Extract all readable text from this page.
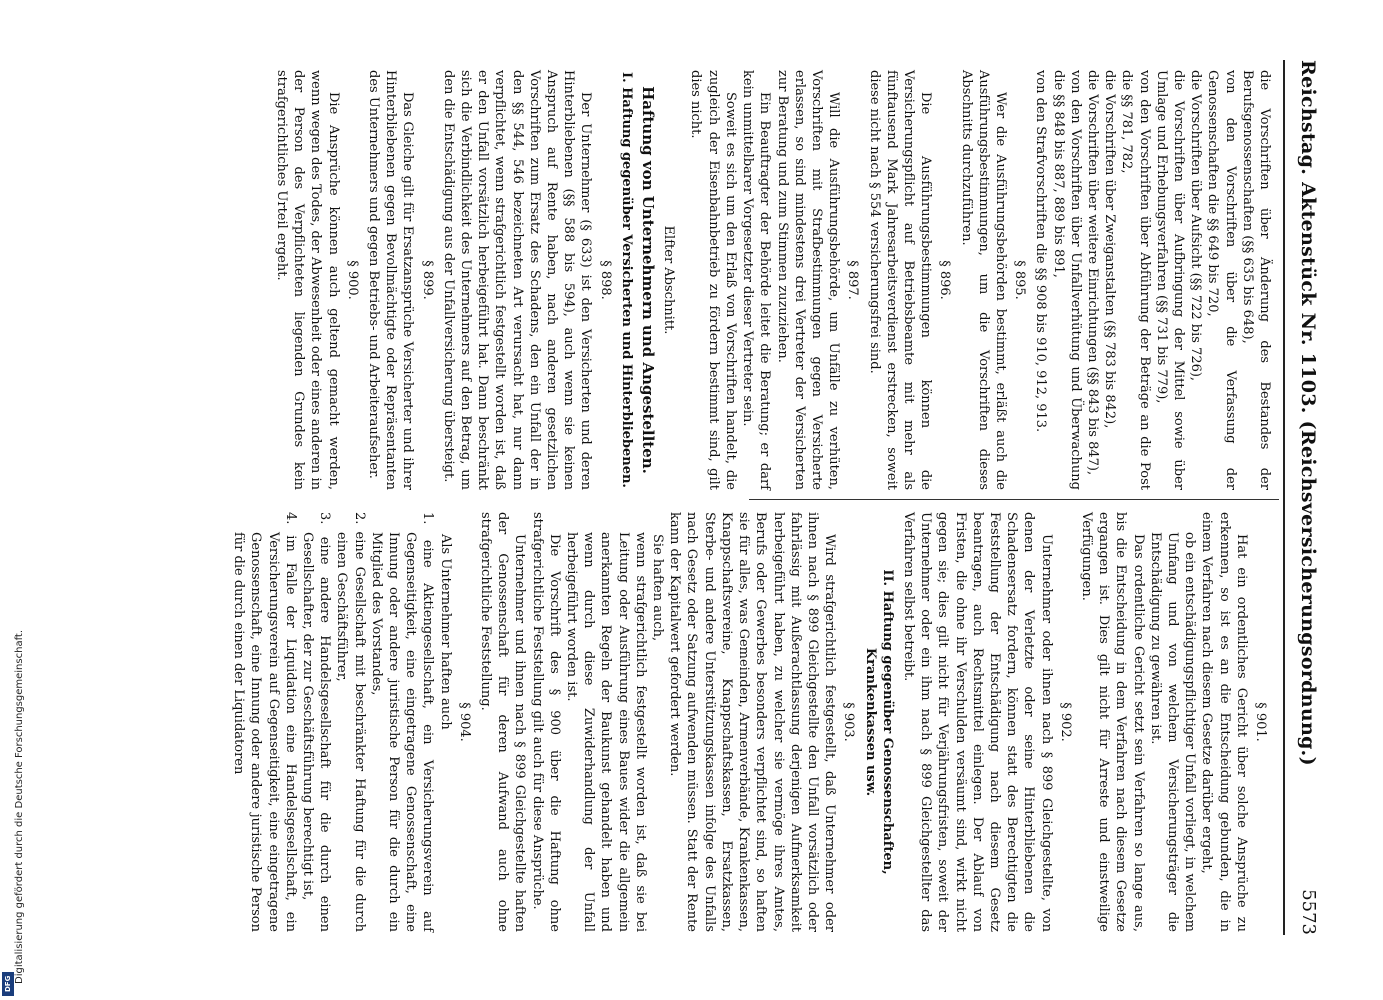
Reichstag. Aktenstück Nr. 1103. (Reichsversicherungsordnung.)
5573
die Vorschriften über Änderung des Bestandes der Berufsgenossenschaften (§§ 635 bis 648),
von den Vorschriften über die Verfassung der Genossenschaften die §§ 649 bis 720,
die Vorschriften über Aufsicht (§§ 722 bis 726),
die Vorschriften über Aufbringung der Mittel sowie über Umlage und Erhebungsverfahren (§§ 731 bis 779),
von den Vorschriften über Abführung der Beträge an die Post die §§ 781, 782,
die Vorschriften über Zweiganstalten (§§ 783 bis 842),
die Vorschriften über weitere Einrichtungen (§§ 843 bis 847),
von den Vorschriften über Unfallverhütung und Überwachung die §§ 848 bis 887, 889 bis 891,
von den Strafvorschriften die §§ 908 bis 910, 912, 913.
§ 895.
Wer die Ausführungsbehörden bestimmt, erläßt auch die Ausführungsbestimmungen, um die Vorschriften dieses Abschnitts durchzuführen.
§ 896.
Die Ausführungsbestimmungen können die Versicherungspflicht auf Betriebsbeamte mit mehr als fünftausend Mark Jahresarbeitsverdienst erstrecken, soweit diese nicht nach § 554 versicherungsfrei sind.
§ 897.
Will die Ausführungsbehörde, um Unfälle zu verhüten, Vorschriften mit Strafbestimmungen gegen Versicherte erlassen, so sind mindestens drei Vertreter der Versicherten zur Beratung und zum Stimmen zuzuziehen.
Ein Beauftragter der Behörde leitet die Beratung; er darf kein unmittelbarer Vorgesetzter dieser Vertreter sein.
Soweit es sich um den Erlaß von Vorschriften handelt, die zugleich der Eisenbahnbetrieb zu fördern bestimmt sind, gilt dies nicht.
Elfter Abschnitt.
Haftung von Unternehmern und Angestellten.
I. Haftung gegenüber Versicherten und Hinterbliebenen.
§ 898.
Der Unternehmer (§ 633) ist den Versicherten und deren Hinterbliebenen (§§ 588 bis 594), auch wenn sie keinen Anspruch auf Rente haben, nach anderen gesetzlichen Vorschriften zum Ersatz des Schadens, den ein Unfall der in den §§ 544, 546 bezeichneten Art verursacht hat, nur dann verpflichtet, wenn strafgerichtlich festgestellt worden ist, daß er den Unfall vorsätzlich herbeigeführt hat. Dann beschränkt sich die Verbindlichkeit des Unternehmers auf den Betrag, um den die Entschädigung aus der Unfallversicherung übersteigt.
§ 899.
Das Gleiche gilt für Ersatzansprüche Versicherter und ihrer Hinterbliebenen gegen Bevollmächtigte oder Repräsentanten des Unternehmers und gegen Betriebs- und Arbeiteraufseher.
§ 900.
Die Ansprüche können auch geltend gemacht werden, wenn wegen des Todes, der Abwesenheit oder eines anderen in der Person des Verpflichteten liegenden Grundes kein strafgerichtliches Urteil ergeht.
§ 901.
Hat ein ordentliches Gericht über solche Ansprüche zu erkennen, so ist es an die Entscheidung gebunden, die in einem Verfahren nach diesem Gesetze darüber ergeht,
ob ein entschädigungspflichtiger Unfall vorliegt, in welchem Umfang und von welchem Versicherungsträger die Entschädigung zu gewähren ist.
Das ordentliche Gericht setzt sein Verfahren so lange aus, bis die Entscheidung in dem Verfahren nach diesem Gesetze ergangen ist. Dies gilt nicht für Arreste und einstweilige Verfügungen.
§ 902.
Unternehmer oder ihnen nach § 899 Gleichgestellte, von denen der Verletzte oder seine Hinterbliebenen die Schadensersatz fordern, können statt des Berechtigten die Feststellung der Entschädigung nach diesem Gesetz beantragen, auch Rechtsmittel einlegen. Der Ablauf von Fristen, die ohne ihr Verschulden versäumt sind, wirkt nicht gegen sie; dies gilt nicht für Verjährungsfristen, soweit der Unternehmer oder ein ihm nach § 899 Gleichgestellter das Verfahren selbst betreibt.
II. Haftung gegenüber Genossenschaften, Krankenkassen usw.
§ 903.
Wird strafgerichtlich festgestellt, daß Unternehmer oder ihnen nach § 899 Gleichgestellte den Unfall vorsätzlich oder fahrlässig mit Außerachtlassung derjenigen Aufmerksamkeit herbeigeführt haben, zu welcher sie vermöge ihres Amtes, Berufs oder Gewerbes besonders verpflichtet sind, so haften sie für alles, was Gemeinden, Armenverbände, Krankenkassen, Knappschaftsvereine, Knappschaftskassen, Ersatzkassen, Sterbe- und andere Unterstützungskassen infolge des Unfalls nach Gesetz oder Satzung aufwenden müssen. Statt der Rente kann der Kapitalwert gefordert werden.
Sie haften auch,
wenn strafgerichtlich festgestellt worden ist, daß sie bei Leitung oder Ausführung eines Baues wider die allgemein anerkannten Regeln der Baukunst gehandelt haben und wenn durch diese Zuwiderhandlung der Unfall herbeigeführt worden ist.
Die Vorschrift des § 900 über die Haftung ohne strafgerichtliche Feststellung gilt auch für diese Ansprüche.
Unternehmer und ihnen nach § 899 Gleichgestellte haften der Genossenschaft für deren Aufwand auch ohne strafgerichtliche Feststellung.
§ 904.
Als Unternehmer haften auch
1. eine Aktiengesellschaft, ein Versicherungsverein auf Gegenseitigkeit, eine eingetragene Genossenschaft, eine Innung oder andere juristische Person für die durch ein Mitglied des Vorstandes,
2. eine Gesellschaft mit beschränkter Haftung für die durch einen Geschäftsführer,
3. eine andere Handelsgesellschaft für die durch einen Gesellschafter, der zur Geschäftsführung berechtigt ist,
4. im Falle der Liquidation eine Handelsgesellschaft, ein Versicherungsverein auf Gegenseitigkeit, eine eingetragene Genossenschaft, eine Innung oder andere juristische Person für die durch einen der Liquidatoren
Digitalisierung gefördert durch die Deutsche Forschungsgemeinschaft.
DFG
